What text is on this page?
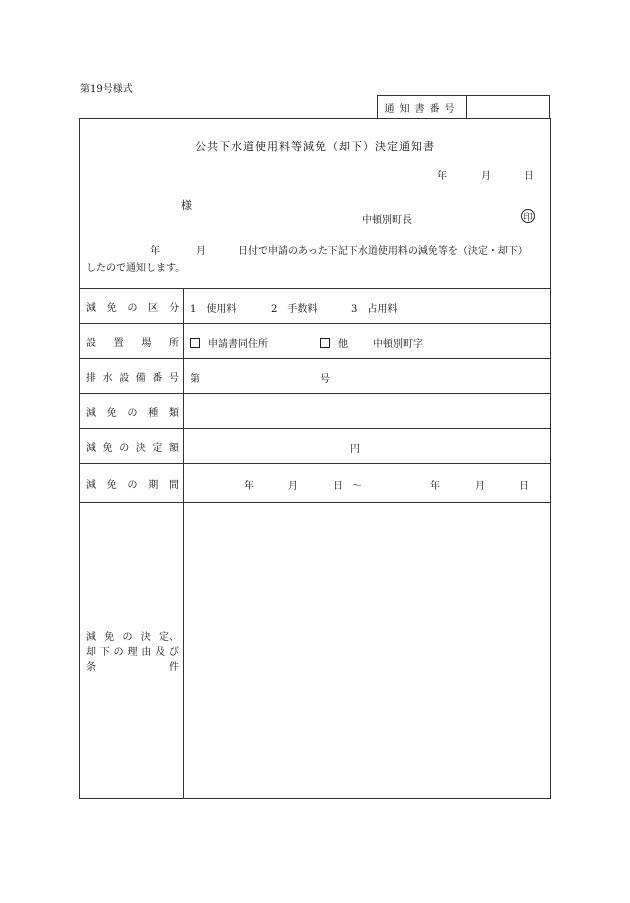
第19号様式
通知書番号
公共下水道使用料等減免（却下）決定通知書
年	月	日
様
中頓別町長	印
年	月	日付で申請のあった下記下水道使用料の減免等を（決定・却下）
したので通知します。
減 免 の 区 分 1　使用料	2　手数料	3　占用料
設 置 場 所	申請書同住所	他	中頓別町字
排 水 設 備 番 号 第	号
減 免 の 種 類
減 免 の 決 定 額	円
減 免 の 期 間	年	月	日 〜	年	月	日
減 免 の 決 定、
却 下 の 理 由 及 び
条	件
